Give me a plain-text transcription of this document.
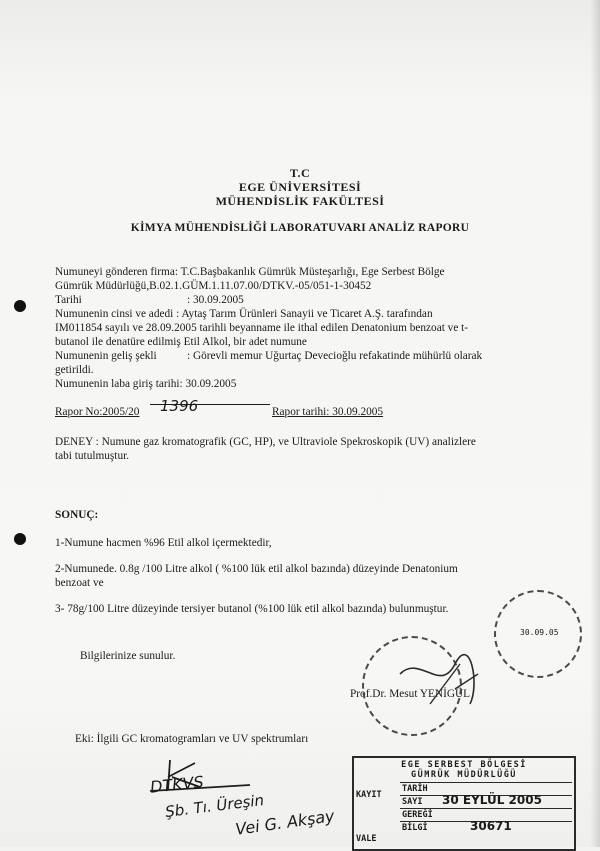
T.C
EGE ÜNİVERSİTESİ
MÜHENDİSLİK FAKÜLTESİ
KİMYA MÜHENDİSLİĞİ LABORATUVARI ANALİZ RAPORU
Numuneyi gönderen firma: T.C.Başbakanlık Gümrük Müsteşarlığı, Ege Serbest Bölge
Gümrük Müdürlüğü,B.02.1.GÜM.1.11.07.00/DTKV.-05/051-1-30452
Tarihi	: 30.09.2005
Numunenin cinsi ve adedi : Aytaş Tarım Ürünleri Sanayii ve Ticaret A.Ş. tarafından
IM011854 sayılı ve 28.09.2005 tarihli beyanname ile ithal edilen Denatonium benzoat ve t-
butanol ile denatüre edilmiş Etil Alkol, bir adet numune
Numunenin geliş şekli	: Görevli memur Uğurtaç Devecioğlu refakatinde mühürlü olarak
getirildi.
Numunenin laba giriş tarihi: 30.09.2005
Rapor No:2005/20 1396	Rapor tarihi: 30.09.2005
DENEY : Numune gaz kromatografik (GC, HP), ve Ultraviole Spekroskopik (UV) analizlere
tabi tutulmuştur.
SONUÇ:
1-Numune hacmen %96 Etil alkol içermektedir,
2-Numunede. 0.8g /100 Litre alkol ( %100 lük etil alkol bazında) düzeyinde Denatonium
benzoat ve
3- 78g/100 Litre düzeyinde tersiyer butanol (%100 lük etil alkol bazında) bulunmuştur.
Bilgilerinize sunulur.
Prof.Dr. Mesut YENİGÜL
Eki: İlgili GC kromatogramları ve UV spektrumları
30.09.05
EGE SERBEST BÖLGESİ
GÜMRÜK MÜDÜRLÜĞÜ
KAYIT
TARİH
SAYI 30 EYLÜL 2005
GEREĞİ
BİLGİ	30671
VALE
DTKVS
Şb. Tı. Üreşin
Vei G. Akşay
